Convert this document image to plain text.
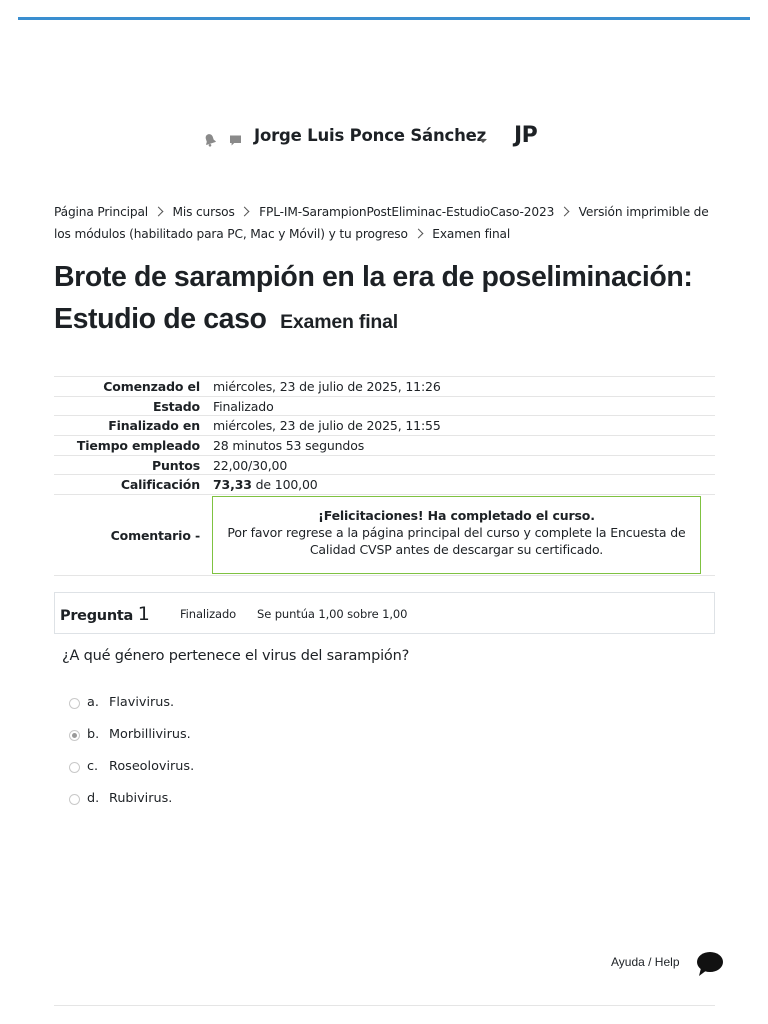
Jorge Luis Ponce Sánchez JP
Página Principal Mis cursos FPL-IM-SarampionPostEliminac-EstudioCaso-2023 Versión imprimible de los módulos (habilitado para PC, Mac y Móvil) y tu progreso Examen final
Brote de sarampión en la era de poseliminación: Estudio de caso Examen final
Comenzado el	miércoles, 23 de julio de 2025, 11:26
Estado	Finalizado
Finalizado en	miércoles, 23 de julio de 2025, 11:55
Tiempo empleado	28 minutos 53 segundos
Puntos	22,00/30,00
Calificación	73,33 de 100,00
Comentario -	¡Felicitaciones! Ha completado el curso.
Por favor regrese a la página principal del curso y complete la Encuesta de Calidad CVSP antes de descargar su certificado.
Pregunta 1	Finalizado Se puntúa 1,00 sobre 1,00
¿A qué género pertenece el virus del sarampión?
a. Flavivirus.
b. Morbillivirus.
c. Roseolovirus.
d. Rubivirus.
Ayuda / Help
